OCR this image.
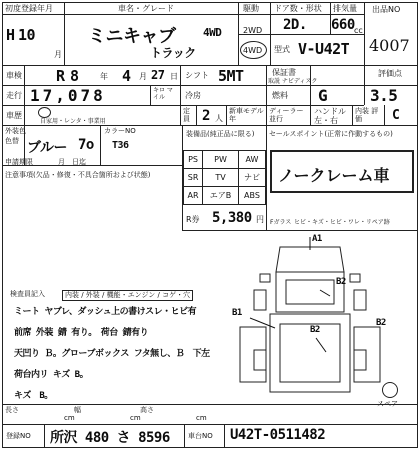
初度登録年月
H 10
月
車名・グレード
ミニキャブ
トラック
4WD
駆動
2WD
4WD
ドア数・形状
2D.
排気量
660 cc
型式 V-U42T
出品NO
4007
車検 R 8	年 4 月 27 日 シフト 5MT	保証書
取説 ナビディスク
評価点
走行 17,078	キロ マイル	冷房	燃料 G	3.5
車歴
自家用・レンタ・事業用
定員 2 人
新車モデル 年
ディーラー 並行
ハンドル
左・右
内装 評価	C
外装色
色替 ブルー 7o
カラーNO
T36
申請期限	月　日迄
注意事項(欠品・修復・不具合箇所および状態)
装備品(純正品に限る)
PS	PW	AW
SR	TV	ナビ
AR	エアB	ABS
R券 5,380 円
セールスポイント(正常に作動するもの)
ノークレーム車
Fガラス ヒビ・キズ・ヒビ・ワレ・リペア跡
A1
B2
B1
B2
B2
スペア
検査員記入	内装 / 外装 / 機能・エンジン / コゲ・穴
ミート ヤブレ、ダッシュ上の書けスレ・ヒビ有
前席 外装 錆 有り。　荷台 錆有り
天凹り Ｂ。グローブボックス フタ無し、Ｂ　下左
荷台内リ キズ B。
キズ　B。
長さ
cm
幅
cm
高さ
cm
登録NO 所沢 480 さ 8596	車台NO U42T-0511482
